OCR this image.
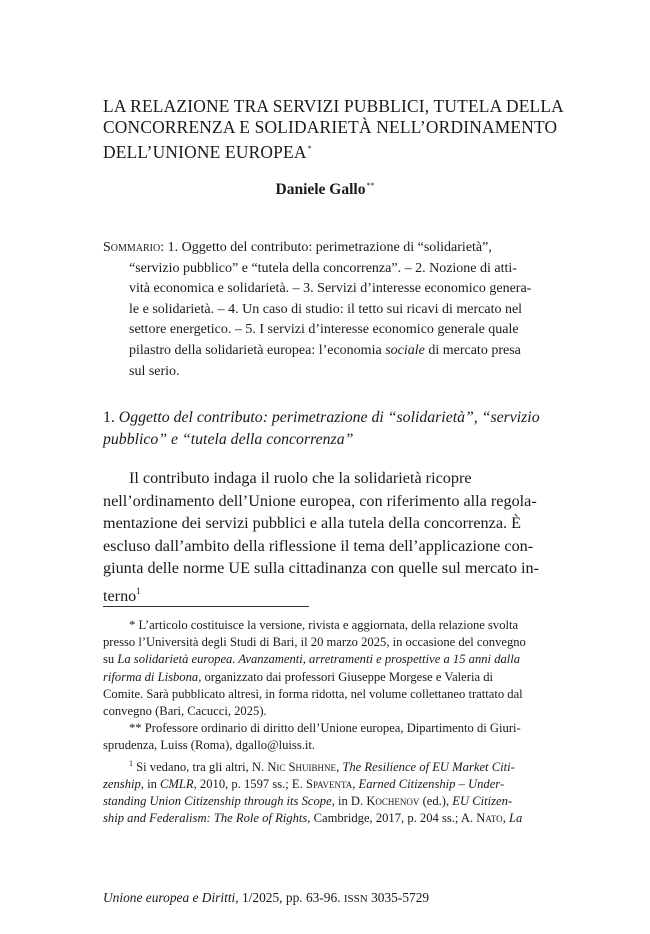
LA RELAZIONE TRA SERVIZI PUBBLICI, TUTELA DELLA
CONCORRENZA E SOLIDARIETÀ NELL’ORDINAMENTO
DELL’UNIONE EUROPEA*
Daniele Gallo**
Sommario: 1. Oggetto del contributo: perimetrazione di “solidarietà”,
“servizio pubblico” e “tutela della concorrenza”. – 2. Nozione di atti-
vità economica e solidarietà. – 3. Servizi d’interesse economico genera-
le e solidarietà. – 4. Un caso di studio: il tetto sui ricavi di mercato nel
settore energetico. – 5. I servizi d’interesse economico generale quale
pilastro della solidarietà europea: l’economia sociale di mercato presa
sul serio.
1. Oggetto del contributo: perimetrazione di “solidarietà”, “servizio
pubblico” e “tutela della concorrenza”
Il contributo indaga il ruolo che la solidarietà ricopre
nell’ordinamento dell’Unione europea, con riferimento alla regola-
mentazione dei servizi pubblici e alla tutela della concorrenza. È
escluso dall’ambito della riflessione il tema dell’applicazione con-
giunta delle norme UE sulla cittadinanza con quelle sul mercato in-
terno$^1$
* L’articolo costituisce la versione, rivista e aggiornata, della relazione svolta
presso l’Università degli Studi di Bari, il 20 marzo 2025, in occasione del convegno
su La solidarietà europea. Avanzamenti, arretramenti e prospettive a 15 anni dalla
riforma di Lisbona, organizzato dai professori Giuseppe Morgese e Valeria di
Comite. Sarà pubblicato altresì, in forma ridotta, nel volume collettaneo trattato dal
convegno (Bari, Cacucci, 2025).
** Professore ordinario di diritto dell’Unione europea, Dipartimento di Giuri-
sprudenza, Luiss (Roma), dgallo@luiss.it.
$^1$ Si vedano, tra gli altri, N. Nic Shuibhne, The Resilience of EU Market Citi-
zenship, in CMLR, 2010, p. 1597 ss.; E. Spaventa, Earned Citizenship – Under-
standing Union Citizenship through its Scope, in D. Kochenov (ed.), EU Citizen-
ship and Federalism: The Role of Rights, Cambridge, 2017, p. 204 ss.; A. Nato, La
Unione europea e Diritti, 1/2025, pp. 63-96. ISSN 3035-5729
